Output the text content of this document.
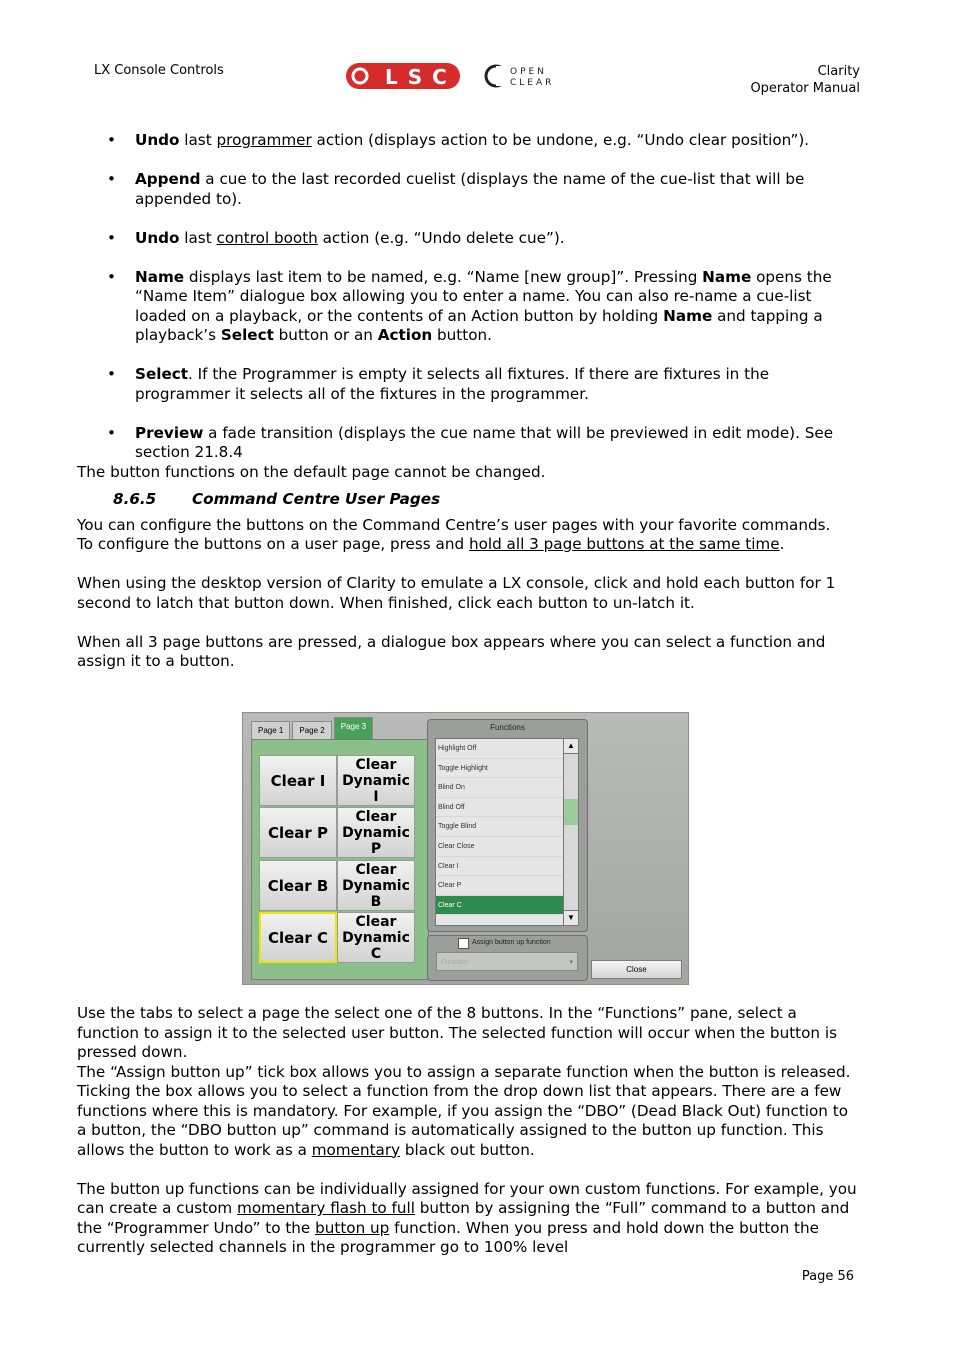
LX Console Controls	LSC	OPEN
CLEAR
Clarity
Operator Manual
• Undo last programmer action (displays action to be undone, e.g. “Undo clear position”).
• Append a cue to the last recorded cuelist (displays the name of the cue-list that will be appended to).
• Undo last control booth action (e.g. “Undo delete cue”).
• Name displays last item to be named, e.g. “Name [new group]”. Pressing Name opens the “Name Item” dialogue box allowing you to enter a name. You can also re-name a cue-list loaded on a playback, or the contents of an Action button by holding Name and tapping a playback’s Select button or an Action button.
• Select. If the Programmer is empty it selects all fixtures. If there are fixtures in the programmer it selects all of the fixtures in the programmer.
• Preview a fade transition (displays the cue name that will be previewed in edit mode). See section 21.8.4

The button functions on the default page cannot be changed.

8.6.5 Command Centre User Pages

You can configure the buttons on the Command Centre’s user pages with your favorite commands.

To configure the buttons on a user page, press and hold all 3 page buttons at the same time.

When using the desktop version of Clarity to emulate a LX console, click and hold each button for 1 second to latch that button down. When finished, click each button to un-latch it.

When all 3 page buttons are pressed, a dialogue box appears where you can select a function and assign it to a button.

Page 1	Page 2	Page 3
Clear I
Clear
Dynamic
I
Clear P
Clear
Dynamic
P
Clear B
Clear
Dynamic
B
Clear C
Clear
Dynamic
C
Functions
Highlight Off
Toggle Highlight
Blind On
Blind Off
Toggle Blind
Clear Close
Clear I
Clear P
Clear C
▲
▼
Assign button up function
Function	▾
Close

Use the tabs to select a page the select one of the 8 buttons. In the “Functions” pane, select a function to assign it to the selected user button. The selected function will occur when the button is pressed down.

The “Assign button up” tick box allows you to assign a separate function when the button is released. Ticking the box allows you to select a function from the drop down list that appears. There are a few functions where this is mandatory. For example, if you assign the “DBO” (Dead Black Out) function to a button, the “DBO button up” command is automatically assigned to the button up function. This allows the button to work as a momentary black out button.

The button up functions can be individually assigned for your own custom functions. For example, you can create a custom momentary flash to full button by assigning the “Full” command to a button and the “Programmer Undo” to the button up function. When you press and hold down the button the currently selected channels in the programmer go to 100% level

Page 56
